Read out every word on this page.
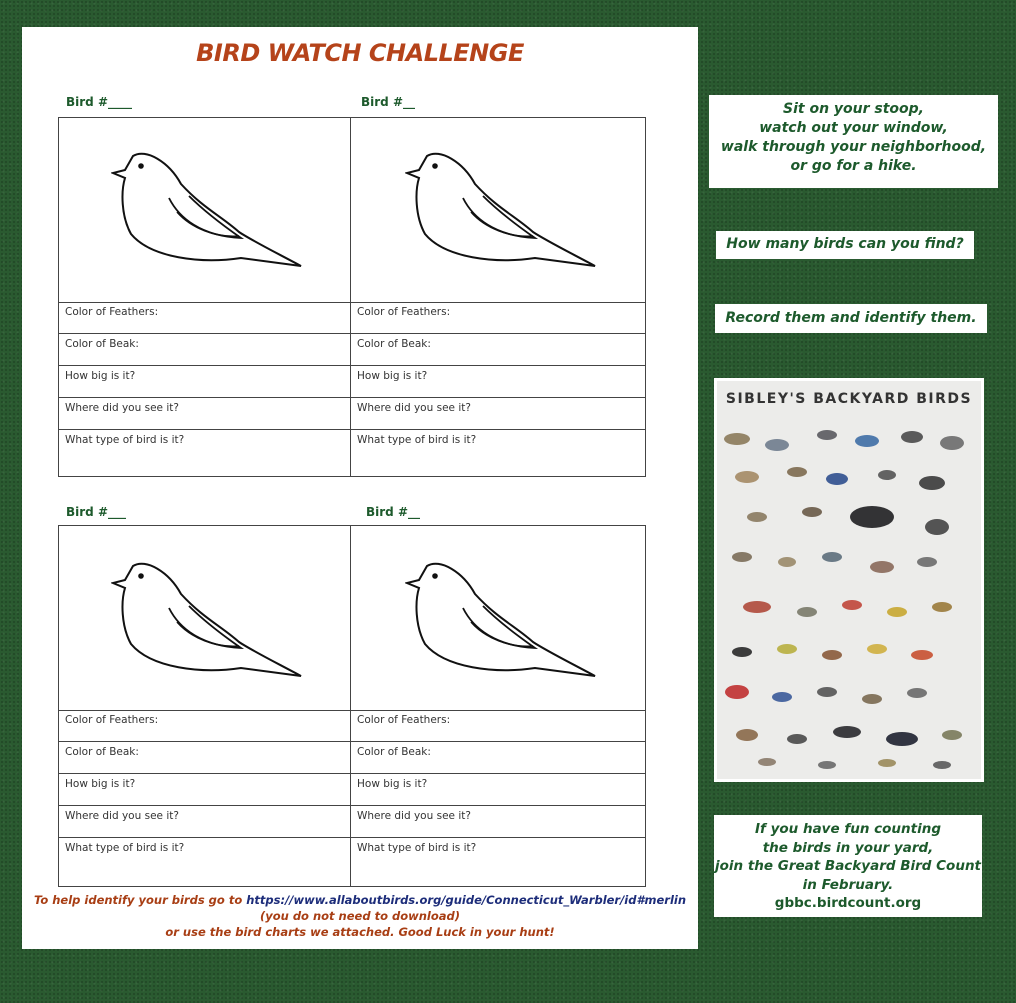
BIRD WATCH CHALLENGE
Bird #____
Color of Feathers:
Color of Beak:
How big is it?
Where did you see it?
What type of bird is it?
Bird #__
Color of Feathers:
Color of Beak:
How big is it?
Where did you see it?
What type of bird is it?
Bird #___
Color of Feathers:
Color of Beak:
How big is it?
Where did you see it?
What type of bird is it?
Bird #__
Color of Feathers:
Color of Beak:
How big is it?
Where did you see it?
What type of bird is it?
To help identify your birds go to https://www.allaboutbirds.org/guide/Connecticut_Warbler/id#merlin
(you do not need to download)
or use the bird charts we attached. Good Luck in your hunt!
Sit on your stoop,
watch out your window,
walk through your neighborhood,
or go for a hike.
How many birds can you find?
Record them and identify them.
SIBLEY'S BACKYARD BIRDS
If you have fun counting
the birds in your yard,
join the Great Backyard Bird Count
in February.
gbbc.birdcount.org
